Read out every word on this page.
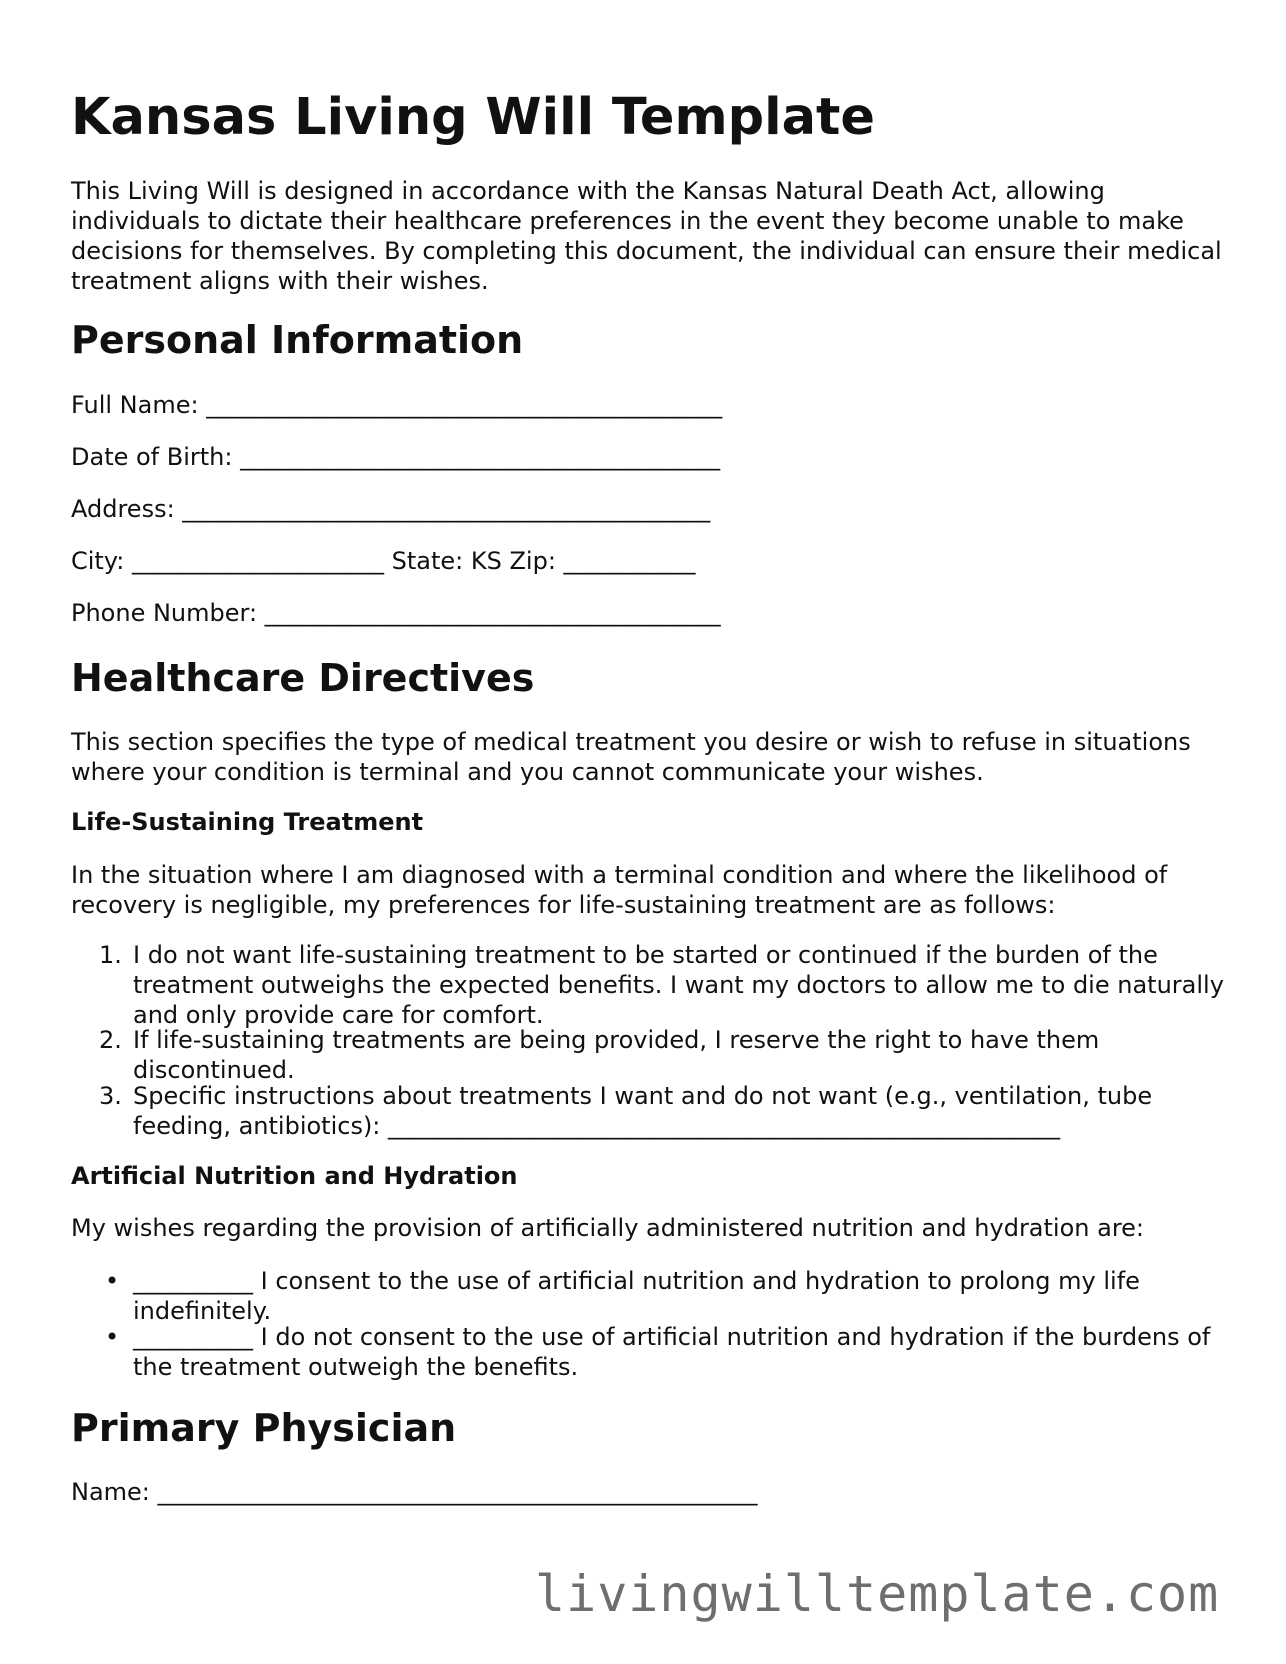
Kansas Living Will Template

This Living Will is designed in accordance with the Kansas Natural Death Act, allowing individuals to dictate their healthcare preferences in the event they become unable to make decisions for themselves. By completing this document, the individual can ensure their medical treatment aligns with their wishes.

Personal Information
Full Name: ___________________________________________
Date of Birth: ________________________________________
Address: ____________________________________________
City: _____________________ State: KS Zip: ___________
Phone Number: ______________________________________
Healthcare Directives

This section specifies the type of medical treatment you desire or wish to refuse in situations where your condition is terminal and you cannot communicate your wishes.

Life-Sustaining Treatment

In the situation where I am diagnosed with a terminal condition and where the likelihood of recovery is negligible, my preferences for life-sustaining treatment are as follows:

1. I do not want life-sustaining treatment to be started or continued if the burden of the treatment outweighs the expected benefits. I want my doctors to allow me to die naturally and only provide care for comfort.
2. If life-sustaining treatments are being provided, I reserve the right to have them discontinued.
3. Specific instructions about treatments I want and do not want (e.g., ventilation, tube feeding, antibiotics): ________________________________________________________
Artificial Nutrition and Hydration

My wishes regarding the provision of artificially administered nutrition and hydration are:

• __________ I consent to the use of artificial nutrition and hydration to prolong my life indefinitely.
• __________ I do not consent to the use of artificial nutrition and hydration if the burdens of the treatment outweigh the benefits.
Primary Physician
Name: __________________________________________________
livingwilltemplate.com
